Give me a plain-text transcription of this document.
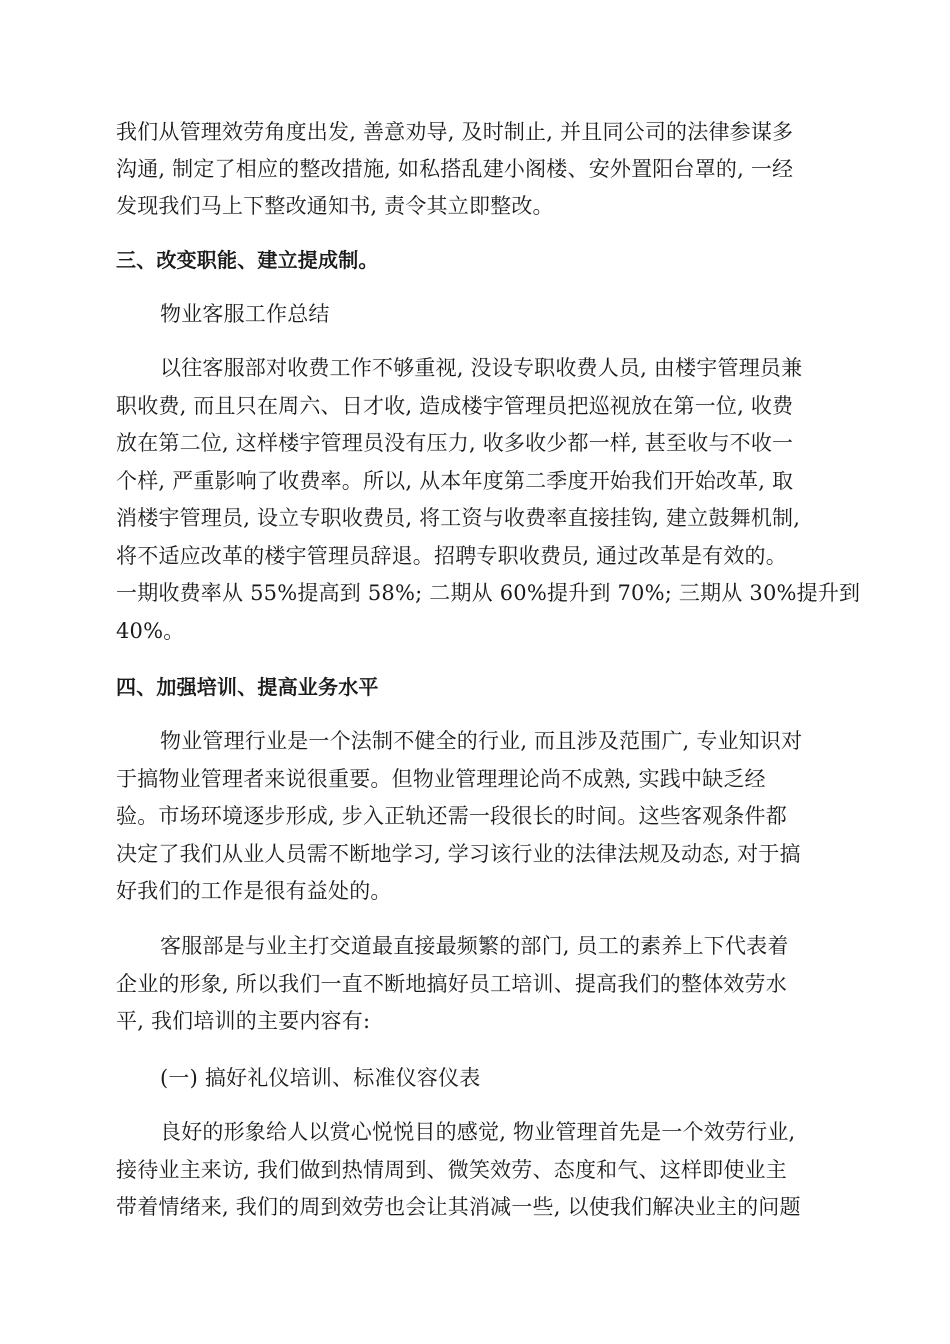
我们从管理效劳角度出发, 善意劝导, 及时制止, 并且同公司的法律参谋多
沟通, 制定了相应的整改措施, 如私搭乱建小阁楼、安外置阳台罩的, 一经
发现我们马上下整改通知书, 责令其立即整改。
三、改变职能、建立提成制。
物业客服工作总结
以往客服部对收费工作不够重视, 没设专职收费人员, 由楼宇管理员兼
职收费, 而且只在周六、日才收, 造成楼宇管理员把巡视放在第一位, 收费
放在第二位, 这样楼宇管理员没有压力, 收多收少都一样, 甚至收与不收一
个样, 严重影响了收费率。所以, 从本年度第二季度开始我们开始改革, 取
消楼宇管理员, 设立专职收费员, 将工资与收费率直接挂钩, 建立鼓舞机制,
将不适应改革的楼宇管理员辞退。招聘专职收费员, 通过改革是有效的。
一期收费率从 55%提高到 58%; 二期从 60%提升到 70%; 三期从 30%提升到
40%。
四、加强培训、提高业务水平
物业管理行业是一个法制不健全的行业, 而且涉及范围广, 专业知识对
于搞物业管理者来说很重要。但物业管理理论尚不成熟, 实践中缺乏经
验。市场环境逐步形成, 步入正轨还需一段很长的时间。这些客观条件都
决定了我们从业人员需不断地学习, 学习该行业的法律法规及动态, 对于搞
好我们的工作是很有益处的。
客服部是与业主打交道最直接最频繁的部门, 员工的素养上下代表着
企业的形象, 所以我们一直不断地搞好员工培训、提高我们的整体效劳水
平, 我们培训的主要内容有:
(一) 搞好礼仪培训、标准仪容仪表
良好的形象给人以赏心悦悦目的感觉, 物业管理首先是一个效劳行业,
接待业主来访, 我们做到热情周到、微笑效劳、态度和气、这样即使业主
带着情绪来, 我们的周到效劳也会让其消减一些, 以使我们解决业主的问题
